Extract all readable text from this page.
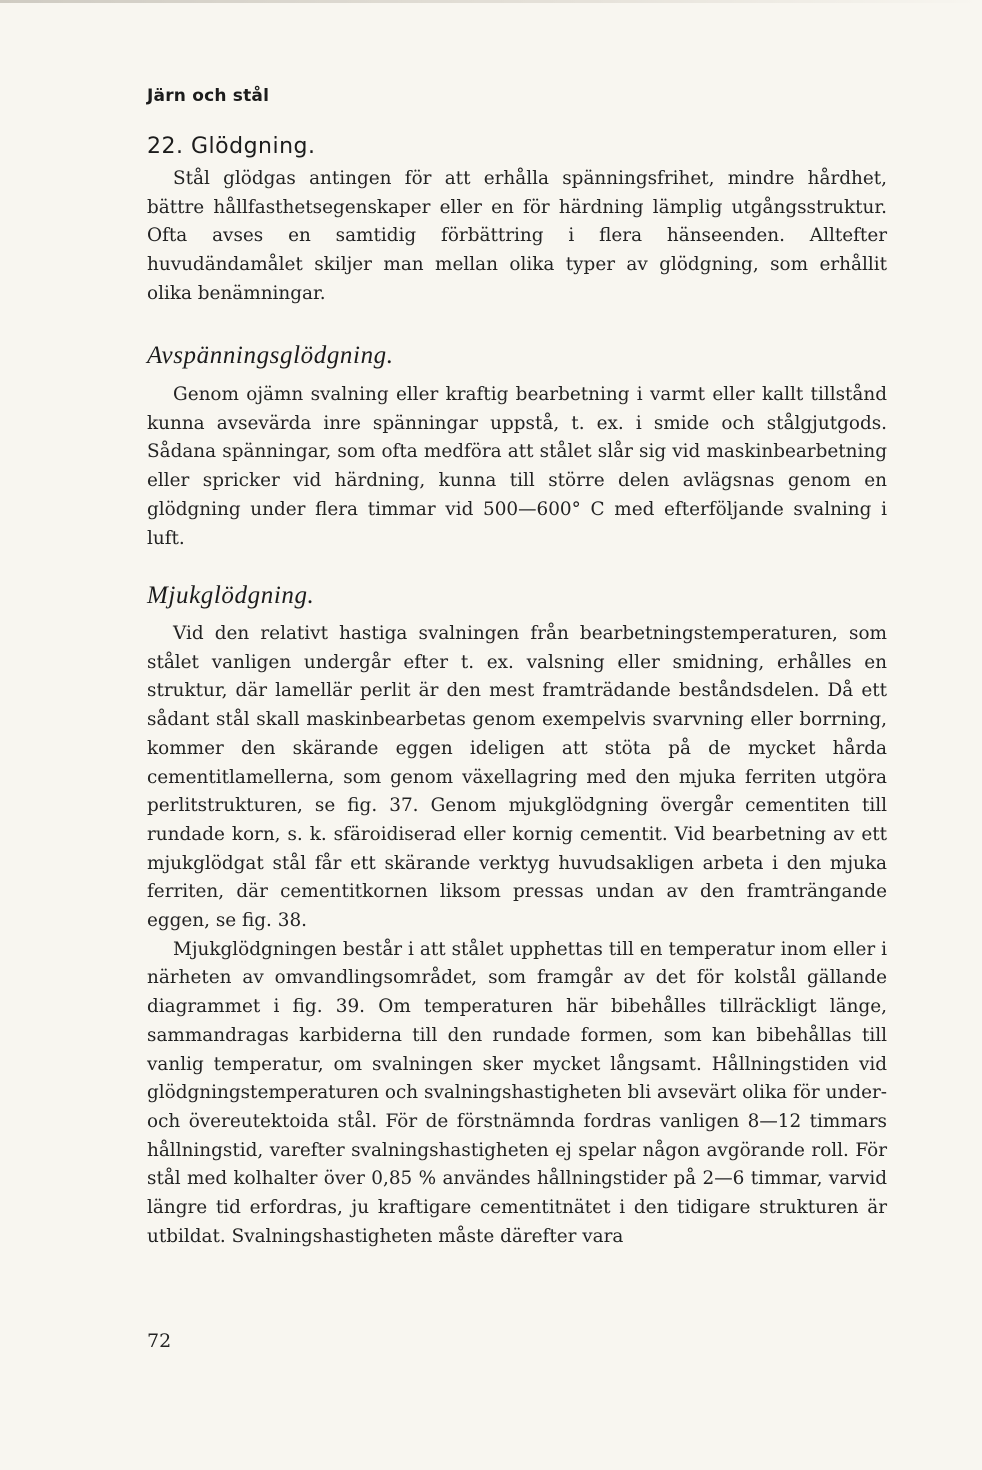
Järn och stål
22. Glödgning.

Stål glödgas antingen för att erhålla spänningsfrihet, mindre hårdhet, bättre hållfasthetsegenskaper eller en för härdning lämplig utgångsstruktur. Ofta avses en samtidig förbättring i flera hänseenden. Alltefter huvudändamålet skiljer man mellan olika typer av glödgning, som erhållit olika benämningar.

Avspänningsglödgning.

Genom ojämn svalning eller kraftig bearbetning i varmt eller kallt tillstånd kunna avsevärda inre spänningar uppstå, t. ex. i smide och stålgjutgods. Sådana spänningar, som ofta medföra att stålet slår sig vid maskinbearbetning eller spricker vid härdning, kunna till större delen avlägsnas genom en glödgning under flera timmar vid 500—600° C med efterföljande svalning i luft.

Mjukglödgning.

Vid den relativt hastiga svalningen från bearbetningstemperaturen, som stålet vanligen undergår efter t. ex. valsning eller smidning, erhålles en struktur, där lamellär perlit är den mest framträdande beståndsdelen. Då ett sådant stål skall maskinbearbetas genom exempelvis svarvning eller borrning, kommer den skärande eggen ideligen att stöta på de mycket hårda cementitlamellerna, som genom växellagring med den mjuka ferriten utgöra perlitstrukturen, se fig. 37. Genom mjukglödgning övergår cementiten till rundade korn, s. k. sfäroidiserad eller kornig cementit. Vid bearbetning av ett mjukglödgat stål får ett skärande verktyg huvudsakligen arbeta i den mjuka ferriten, där cementitkornen liksom pressas undan av den framträngande eggen, se fig. 38.

Mjukglödgningen består i att stålet upphettas till en temperatur inom eller i närheten av omvandlingsområdet, som framgår av det för kolstål gällande diagrammet i fig. 39. Om temperaturen här bibehålles tillräckligt länge, sammandragas karbiderna till den rundade formen, som kan bibehållas till vanlig temperatur, om svalningen sker mycket långsamt. Hållningstiden vid glödgningstemperaturen och svalningshastigheten bli avsevärt olika för under- och övereutektoida stål. För de förstnämnda fordras vanligen 8—12 timmars hållningstid, varefter svalningshastigheten ej spelar någon avgörande roll. För stål med kolhalter över 0,85 % användes hållningstider på 2—6 timmar, varvid längre tid erfordras, ju kraftigare cementitnätet i den tidigare strukturen är utbildat. Svalningshastigheten måste därefter vara

72
